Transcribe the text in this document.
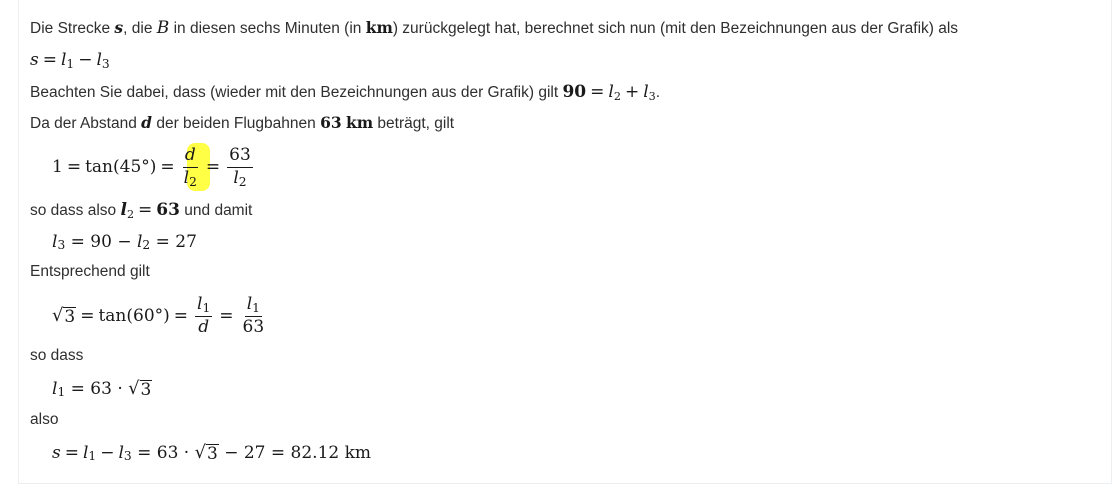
Die Strecke s, die B in diesen sechs Minuten (in km) zurückgelegt hat, berechnet sich nun (mit den Bezeichnungen aus der Grafik) als
$s = l_1 - l_3$
Beachten Sie dabei, dass (wieder mit den Bezeichnungen aus der Grafik) gilt $90 = l_2 + l_3$.
Da der Abstand d der beiden Flugbahnen 63 km beträgt, gilt
$1 = \tan(45^\circ) = \frac{d}{l_2} = \frac{63}{l_2}$
so dass also $l_2 = 63$ und damit
$l_3$
= $90 - l_2$
= 27
Entsprechend gilt
√ $3 = \tan(60^\circ) = \frac{l_1}{d} = \frac{l_1}{63}$
so dass
$l_1$
= 63 · √ 3
also
$s = l_1 - l_3$
= 63 · √ 3
− 27 = 82.12 km
